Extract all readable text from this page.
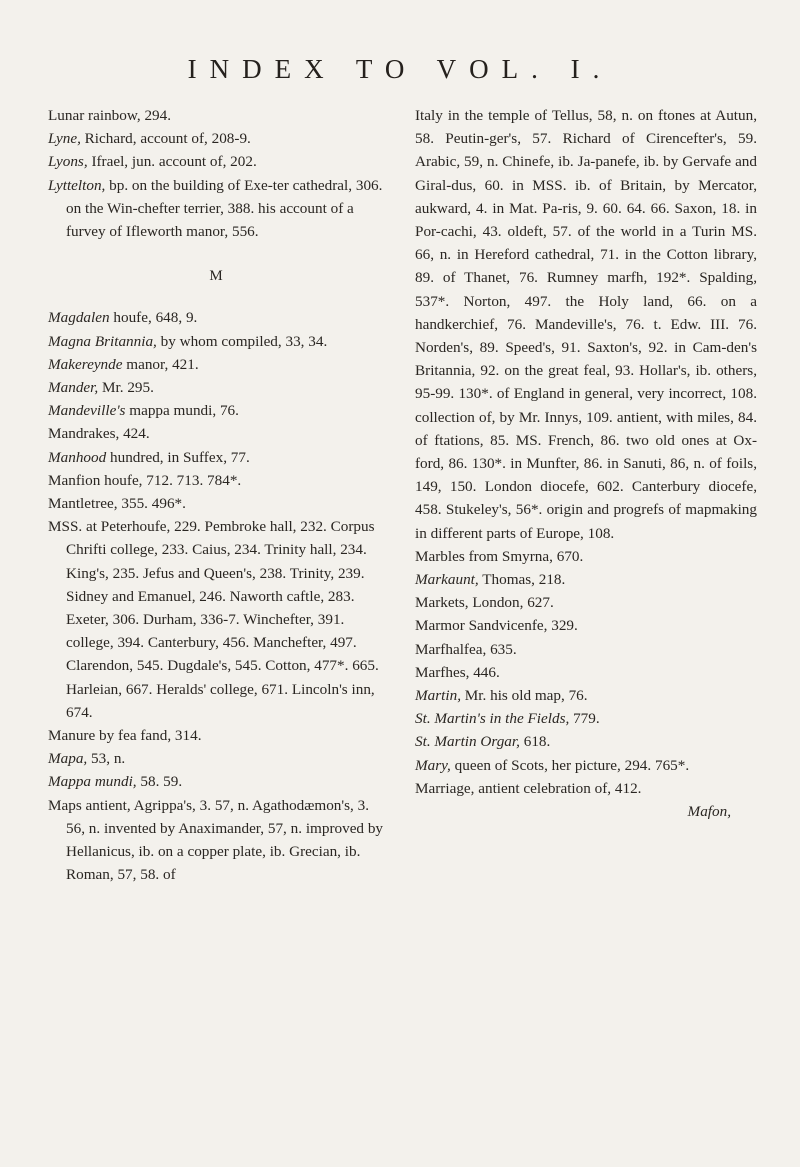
INDEX TO VOL. I.

Lunar rainbow, 294.

Lyne, Richard, account of, 208-9.

Lyons, Ifrael, jun. account of, 202.

Lyttelton, bp. on the building of Exe-ter cathedral, 306. on the Win-chefter terrier, 388. his account of a furvey of Ifleworth manor, 556.

M

Magdalen houfe, 648, 9.

Magna Britannia, by whom compiled, 33, 34.

Makereynde manor, 421.

Mander, Mr. 295.

Mandeville's mappa mundi, 76.

Mandrakes, 424.

Manhood hundred, in Suffex, 77.

Manfion houfe, 712. 713. 784*.

Mantletree, 355. 496*.

MSS. at Peterhoufe, 229. Pembroke hall, 232. Corpus Chrifti college, 233. Caius, 234. Trinity hall, 234. King's, 235. Jefus and Queen's, 238. Trinity, 239. Sidney and Emanuel, 246. Naworth caftle, 283. Exeter, 306. Durham, 336-7. Winchefter, 391. college, 394. Canterbury, 456. Manchefter, 497. Clarendon, 545. Dugdale's, 545. Cotton, 477*. 665. Harleian, 667. Heralds' college, 671. Lincoln's inn, 674.

Manure by fea fand, 314.

Mapa, 53, n.

Mappa mundi, 58. 59.

Maps antient, Agrippa's, 3. 57, n. Agathodæmon's, 3. 56, n. invented by Anaximander, 57, n. improved by Hellanicus, ib. on a copper plate, ib. Grecian, ib. Roman, 57, 58. of

Italy in the temple of Tellus, 58, n. on ftones at Autun, 58. Peutin-ger's, 57. Richard of Cirencefter's, 59. Arabic, 59, n. Chinefe, ib. Ja-panefe, ib. by Gervafe and Giral-dus, 60. in MSS. ib. of Britain, by Mercator, aukward, 4. in Mat. Pa-ris, 9. 60. 64. 66. Saxon, 18. in Por-cachi, 43. oldeft, 57. of the world in a Turin MS. 66, n. in Hereford cathedral, 71. in the Cotton library, 89. of Thanet, 76. Rumney marfh, 192*. Spalding, 537*. Norton, 497. the Holy land, 66. on a handkerchief, 76. Mandeville's, 76. t. Edw. III. 76. Norden's, 89. Speed's, 91. Saxton's, 92. in Cam-den's Britannia, 92. on the great feal, 93. Hollar's, ib. others, 95-99. 130*. of England in general, very incorrect, 108. collection of, by Mr. Innys, 109. antient, with miles, 84. of ftations, 85. MS. French, 86. two old ones at Ox-ford, 86. 130*. in Munfter, 86. in Sanuti, 86, n. of foils, 149, 150. London diocefe, 602. Canterbury diocefe, 458. Stukeley's, 56*. origin and progrefs of mapmaking in different parts of Europe, 108.

Marbles from Smyrna, 670.

Markaunt, Thomas, 218.

Markets, London, 627.

Marmor Sandvicenfe, 329.

Marfhalfea, 635.

Marfhes, 446.

Martin, Mr. his old map, 76.

St. Martin's in the Fields, 779.

St. Martin Orgar, 618.

Mary, queen of Scots, her picture, 294. 765*.

Marriage, antient celebration of, 412.

Mafon,
